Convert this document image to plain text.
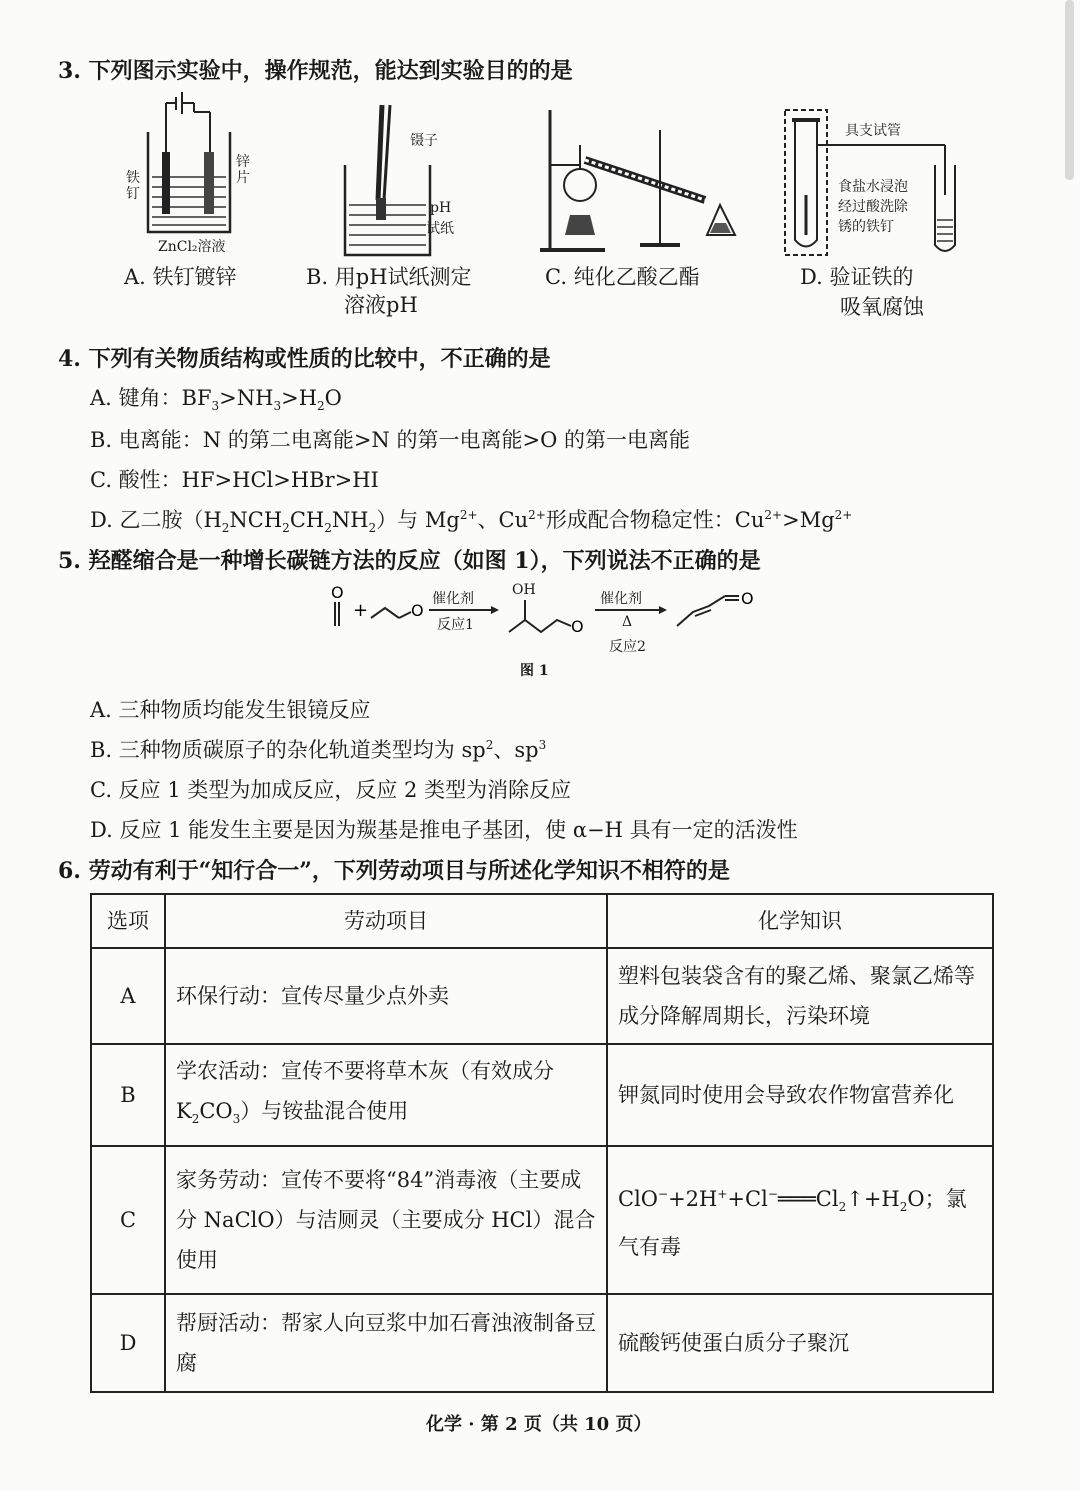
3. 下列图示实验中，操作规范，能达到实验目的的是
铁钉
锌片
ZnCl₂溶液
A. 铁钉镀锌
镊子
pH
试纸
B. 用pH试纸测定
溶液pH
C. 纯化乙酸乙酯
具支试管
食盐水浸泡
经过酸洗除
锈的铁钉
D. 验证铁的
吸氧腐蚀
4. 下列有关物质结构或性质的比较中，不正确的是
A. 键角：$BF_3>NH_3>H_2O$
B. 电离能：N 的第二电离能>N 的第一电离能>O 的第一电离能
C. 酸性：HF>HCl>HBr>HI
D. 乙二胺$(H_2NCH_2CH_2NH_2)$与 $Mg^{2+}$、$Cu^{2+}$形成配合物稳定性：$Cu^{2+}>Mg^{2+}$
5. 羟醛缩合是一种增长碳链方法的反应（如图 1），下列说法不正确的是
O
+	O
O
O
催化剂
反应1
OH
催化剂
Δ
反应2
图 1
A. 三种物质均能发生银镜反应
B. 三种物质碳原子的杂化轨道类型均为 $sp^2$、$sp^3$
C. 反应 1 类型为加成反应，反应 2 类型为消除反应
D. 反应 1 能发生主要是因为羰基是推电子基团，使 α−H 具有一定的活泼性
6. 劳动有利于“知行合一”，下列劳动项目与所述化学知识不相符的是
选项	劳动项目	化学知识
A	环保行动：宣传尽量少点外卖	塑料包装袋含有的聚乙烯、聚氯乙烯等成分降解周期长，污染环境
B	学农活动：宣传不要将草木灰（有效成分 $K_2CO_3$）与铵盐混合使用	钾氮同时使用会导致农作物富营养化
C	家务劳动：宣传不要将“84”消毒液（主要成分 NaClO）与洁厕灵（主要成分 HCl）混合使用	$ClO^-+2H^++Cl^-═══Cl_2↑+H_2O$；氯气有毒
D	帮厨活动：帮家人向豆浆中加石膏浊液制备豆腐	硫酸钙使蛋白质分子聚沉
化学 · 第 2 页（共 10 页）
